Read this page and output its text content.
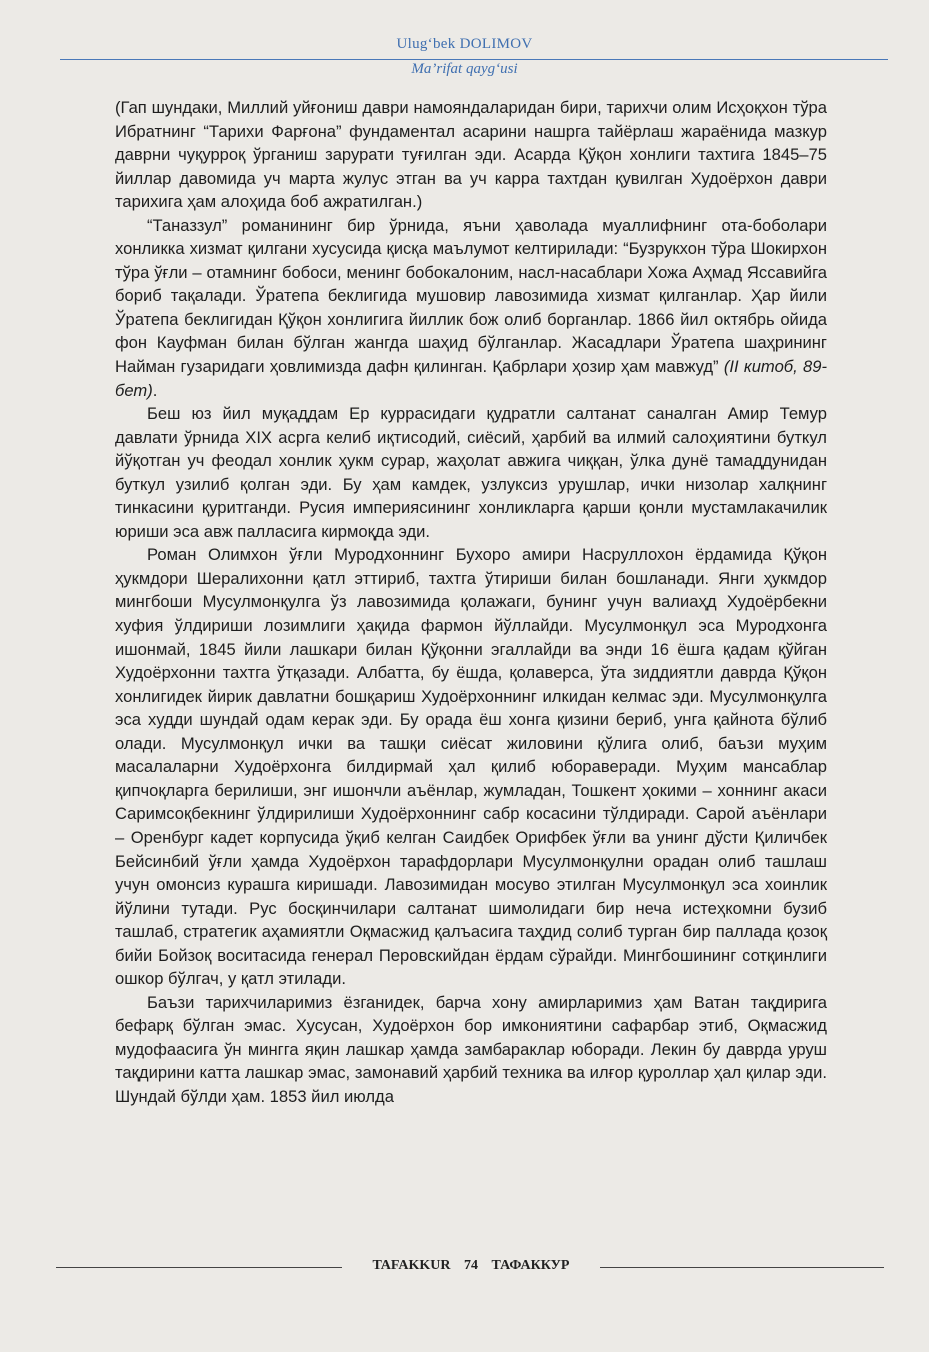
Ulug‘bek DOLIMOV
Ma’rifat qayg‘usi

(Гап шундаки, Миллий уйғониш даври намояндаларидан бири, тарихчи олим Исҳоқхон тўра Ибратнинг “Тарихи Фарғона” фундаментал асарини нашрга тайёрлаш жараёнида мазкур даврни чуқурроқ ўрганиш зарурати туғилган эди. Асарда Қўқон хонлиги тахтига 1845–75 йиллар давомида уч марта жулус этган ва уч карра тахтдан қувилган Худоёрхон даври тарихига ҳам алоҳида боб ажратилган.)

“Таназзул” романининг бир ўрнида, яъни ҳаволада муаллифнинг ота-боболари хонликка хизмат қилгани хусусида қисқа маълумот келтирилади: “Бузрукхон тўра Шокирхон тўра ўғли – отамнинг бобоси, менинг бобокалоним, насл-насаблари Хожа Аҳмад Яссавийга бориб тақалади. Ўратепа беклигида мушовир лавозимида хизмат қилганлар. Ҳар йили Ўратепа беклигидан Қўқон хонлигига йиллик бож олиб борганлар. 1866 йил октябрь ойида фон Кауфман билан бўлган жангда шаҳид бўлганлар. Жасадлари Ўратепа шаҳрининг Найман гузаридаги ҳовлимизда дафн қилинган. Қабрлари ҳозир ҳам мавжуд” (II китоб, 89-бет).

Беш юз йил муқаддам Ер куррасидаги қудратли салтанат саналган Амир Темур давлати ўрнида XIX асрга келиб иқтисодий, сиёсий, ҳарбий ва илмий салоҳиятини буткул йўқотган уч феодал хонлик ҳукм сурар, жаҳолат авжига чиққан, ўлка дунё тамаддунидан буткул узилиб қолган эди. Бу ҳам камдек, узлуксиз урушлар, ички низолар халқнинг тинкасини қуритганди. Русия империясининг хонликларга қарши қонли мустамлакачилик юриши эса авж палласига кирмоқда эди.

Роман Олимхон ўғли Муродхоннинг Бухоро амири Насруллохон ёрдамида Қўқон ҳукмдори Шералихонни қатл эттириб, тахтга ўтириши билан бошланади. Янги ҳукмдор мингбоши Мусулмонқулга ўз лавозимида қолажаги, бунинг учун валиаҳд Худоёрбекни хуфия ўлдириши лозимлиги ҳақида фармон йўллайди. Мусулмонқул эса Муродхонга ишонмай, 1845 йили лашкари билан Қўқонни эгаллайди ва энди 16 ёшга қадам қўйган Худоёрхонни тахтга ўтқазади. Албатта, бу ёшда, қолаверса, ўта зиддиятли даврда Қўқон хонлигидек йирик давлатни бошқариш Худоёрхоннинг илкидан келмас эди. Мусулмонқулга эса худди шундай одам керак эди. Бу орада ёш хонга қизини бериб, унга қайнота бўлиб олади. Мусулмонқул ички ва ташқи сиёсат жиловини қўлига олиб, баъзи муҳим масалаларни Худоёрхонга билдирмай ҳал қилиб юбораверади. Муҳим мансаблар қипчоқларга берилиши, энг ишончли аъёнлар, жумладан, Тошкент ҳокими – хоннинг акаси Саримсоқбекнинг ўлдирилиши Худоёрхоннинг сабр косасини тўлдиради. Сарой аъёнлари – Оренбург кадет корпусида ўқиб келган Саидбек Орифбек ўғли ва унинг дўсти Қиличбек Бейсинбий ўғли ҳамда Худоёрхон тарафдорлари Мусулмонқулни орадан олиб ташлаш учун омонсиз курашга киришади. Лавозимидан мосуво этилган Мусулмонқул эса хоинлик йўлини тутади. Рус босқинчилари салтанат шимолидаги бир неча истеҳкомни бузиб ташлаб, стратегик аҳамиятли Оқмасжид қалъасига таҳдид солиб турган бир паллада қозоқ бийи Бойзоқ воситасида генерал Перовскийдан ёрдам сўрайди. Мингбошининг сотқинлиги ошкор бўлгач, у қатл этилади.

Баъзи тарихчиларимиз ёзганидек, барча хону амирларимиз ҳам Ватан тақдирига бефарқ бўлган эмас. Хусусан, Худоёрхон бор имкониятини сафарбар этиб, Оқмасжид мудофаасига ўн мингга яқин лашкар ҳамда замбараклар юборади. Лекин бу даврда уруш тақдирини катта лашкар эмас, замонавий ҳарбий техника ва илғор қуроллар ҳал қилар эди. Шундай бўлди ҳам. 1853 йил июлда

TAFAKKUR 74 ТАФАККУР
